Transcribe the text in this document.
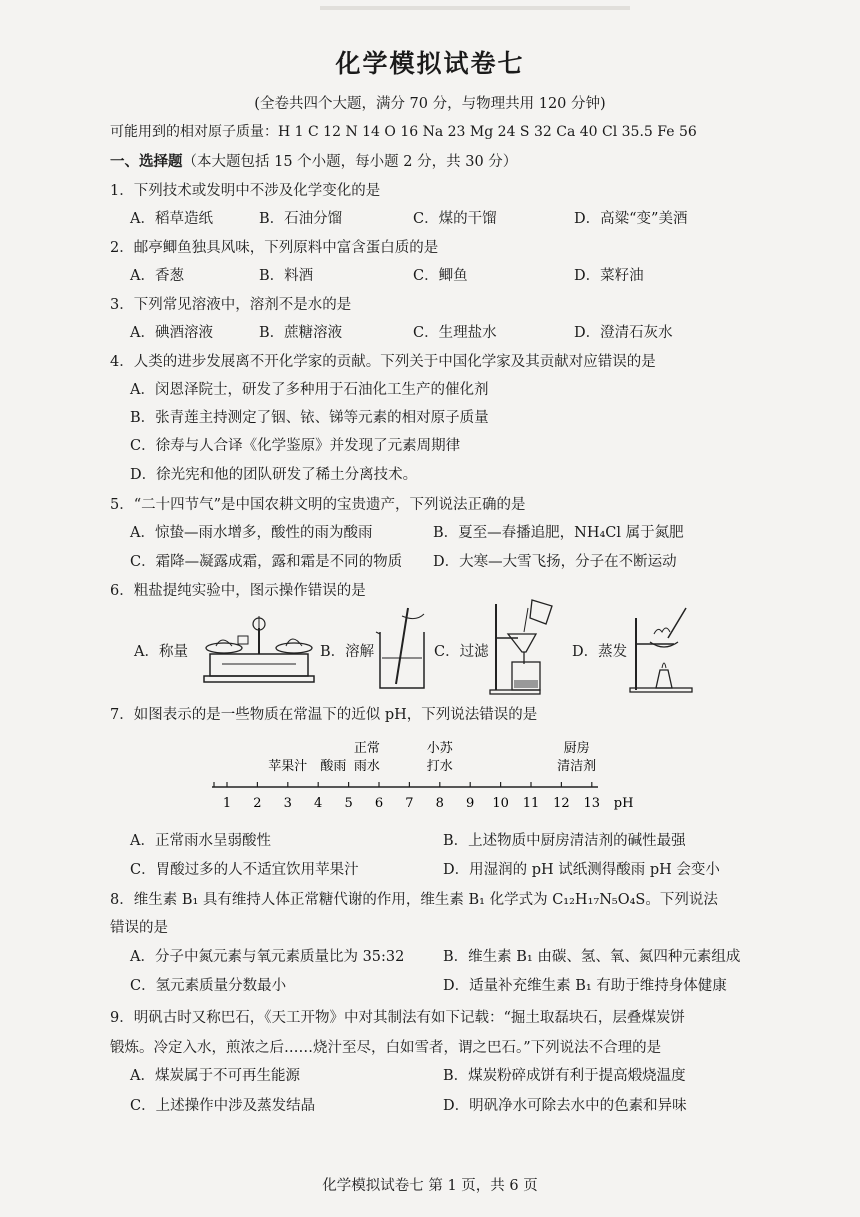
化学模拟试卷七
(全卷共四个大题，满分 70 分，与物理共用 120 分钟)
可能用到的相对原子质量：H 1 C 12 N 14 O 16 Na 23 Mg 24 S 32 Ca 40 Cl 35.5 Fe 56
一、选择题（本大题包括 15 个小题，每小题 2 分，共 30 分）
1．下列技术或发明中不涉及化学变化的是
A．稻草造纸	B．石油分馏	C．煤的干馏	D．高粱“变”美酒
2．邮亭鲫鱼独具风味，下列原料中富含蛋白质的是
A．香葱	B．料酒	C．鲫鱼	D．菜籽油
3．下列常见溶液中，溶剂不是水的是
A．碘酒溶液	B．蔗糖溶液	C．生理盐水	D．澄清石灰水
4．人类的进步发展离不开化学家的贡献。下列关于中国化学家及其贡献对应错误的是
A．闵恩泽院士，研发了多种用于石油化工生产的催化剂
B．张青莲主持测定了铟、铱、锑等元素的相对原子质量
C．徐寿与人合译《化学鉴原》并发现了元素周期律
D．徐光宪和他的团队研发了稀土分离技术。
5．“二十四节气”是中国农耕文明的宝贵遗产，下列说法正确的是
A．惊蛰—雨水增多，酸性的雨为酸雨	B．夏至—春播追肥，NH₄Cl 属于氮肥
C．霜降—凝露成霜，露和霜是不同的物质 D．大寒—大雪飞扬，分子在不断运动
6．粗盐提纯实验中，图示操作错误的是
A．称量	B．溶解	C．过滤	D．蒸发
7．如图表示的是一些物质在常温下的近似 pH，下列说法错误的是
苹果汁 酸雨
正常
雨水
小苏
打水
厨房
清洁剂
1 2 3 4 5 6 7 8 9 10 11 12 13 pH
A．正常雨水呈弱酸性	B．上述物质中厨房清洁剂的碱性最强
C．胃酸过多的人不适宜饮用苹果汁	D．用湿润的 pH 试纸测得酸雨 pH 会变小
8．维生素 B₁ 具有维持人体正常糖代谢的作用，维生素 B₁ 化学式为 C₁₂H₁₇N₅O₄S。下列说法
错误的是
A．分子中氮元素与氧元素质量比为 35:32	B．维生素 B₁ 由碳、氢、氧、氮四种元素组成
C．氢元素质量分数最小	D．适量补充维生素 B₁ 有助于维持身体健康
9．明矾古时又称巴石，《天工开物》中对其制法有如下记载：“掘土取磊块石，层叠煤炭饼
锻炼。冷定入水，煎浓之后……烧汁至尽，白如雪者，谓之巴石。”下列说法不合理的是
A．煤炭属于不可再生能源	B．煤炭粉碎成饼有利于提高煅烧温度
C．上述操作中涉及蒸发结晶	D．明矾净水可除去水中的色素和异味
化学模拟试卷七 第 1 页，共 6 页
